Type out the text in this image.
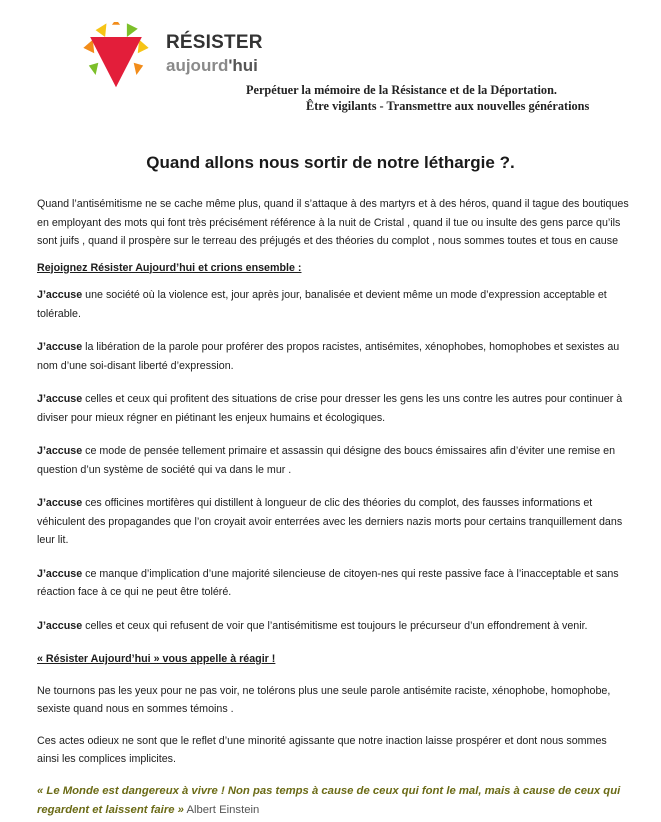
RÉSISTER
aujourd'hui
Perpétuer la mémoire de la Résistance et de la Déportation.
Être vigilants - Transmettre aux nouvelles générations
Quand allons nous sortir de notre léthargie ?.

Quand l’antisémitisme ne se cache même plus, quand il s’attaque à des martyrs et à des héros, quand il tague des boutiques en employant des mots qui font très précisément référence à la nuit de Cristal , quand il tue ou insulte des gens parce qu’ils sont juifs , quand il prospère sur le terreau des préjugés et des théories du complot , nous sommes toutes et tous en cause

Rejoignez Résister Aujourd’hui et crions ensemble :

J’accuse une société où la violence est, jour après jour, banalisée et devient même un mode d’expression acceptable et tolérable.

J’accuse la libération de la parole pour proférer des propos racistes, antisémites, xénophobes, homophobes et sexistes au nom d’une soi-disant liberté d’expression.

J’accuse celles et ceux qui profitent des situations de crise pour dresser les gens les uns contre les autres pour continuer à diviser pour mieux régner en piétinant les enjeux humains et écologiques.

J’accuse ce mode de pensée tellement primaire et assassin qui désigne des boucs émissaires afin d’éviter une remise en question d’un système de société qui va dans le mur .

J’accuse ces officines mortifères qui distillent à longueur de clic des théories du complot, des fausses informations et véhiculent des propagandes que l’on croyait avoir enterrées avec les derniers nazis morts pour certains tranquillement dans leur lit.

J’accuse ce manque d’implication d’une majorité silencieuse de citoyen-nes qui reste passive face à l’inacceptable et sans réaction face à ce qui ne peut être toléré.

J’accuse celles et ceux qui refusent de voir que l’antisémitisme est toujours le précurseur d’un effondrement à venir.

« Résister Aujourd’hui » vous appelle à réagir !

Ne tournons pas les yeux pour ne pas voir, ne tolérons plus une seule parole antisémite raciste, xénophobe, homophobe, sexiste quand nous en sommes témoins .

Ces actes odieux ne sont que le reflet d’une minorité agissante que notre inaction laisse prospérer et dont nous sommes ainsi les complices implicites.

« Le Monde est dangereux à vivre ! Non pas temps à cause de ceux qui font le mal, mais à cause de ceux qui regardent et laissent faire » Albert Einstein
